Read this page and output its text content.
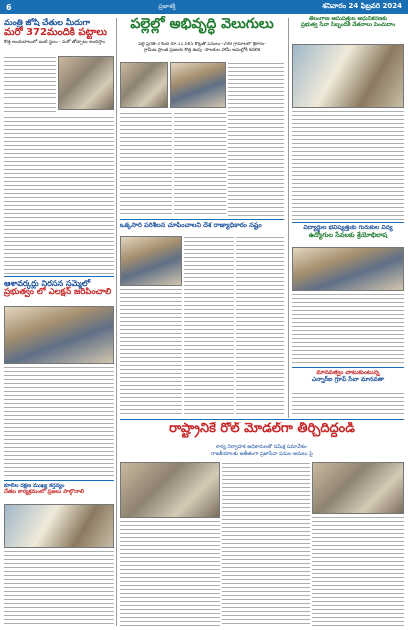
6	ప్రజాశక్తి	శనివారం 24 ఫిబ్రవరి 2024
మంత్రి జోషి చేతుల మీదుగా
మరో 372మందికి పట్టాలు
కొత్త అందుబాటులో ఇంటి స్థలం - మరో తోడ్పాటు అందిస్తాం
ఆశావర్కర్లు నిరసన సమ్మెలో
ప్రభుత్వం లో ఎలక్షన్ జరిపించాలి
కూలీల రక్షణ ముఖ్య కర్తవ్యం
నేతల కార్యక్రమంలో ప్రజలు పాల్గొనాలి
పల్లెల్లో అభివృద్ధి వెలుగులు
పల్లె ప్రగతి-3 కింద రూ.11,085 కోట్లతో పనులు--298 గ్రామాలలో శ్రీకారం-
గ్రామీణ ప్రాంత ప్రజలకు కొత్త ఊపు -పాలకుల హామీ అమల్లోకి కదలిక
ఒక్కసారి పరిశీలన చూపించాలని దేశ రాజ్యాధికారం నష్టం
రాష్ట్రానికే రోల్ మోడల్‌గా తీర్చిదిద్దండి
కార్య నిర్వాహక అధికారులతో సమీక్ష సమావేశం-
రాజకీయాలకు అతీతంగా ప్రజాసేవా పనుల అమలు పై
తెలంగాణ ఆసుపత్రుల ఆధునీకరణకు
ప్రభుత్వ సేవా సిబ్బందికి వేతనాలు పెంచుదాం
విద్యార్థుల భవిష్యత్తుకు గురుకుల విద్య
ఉద్యోగుల సేవలకు శ్రేయోభిలాష
మానవత్వం చాటుకుంటున్న
ఎన్నార్ఐ గ్రూప్ సేవా మానవతా
